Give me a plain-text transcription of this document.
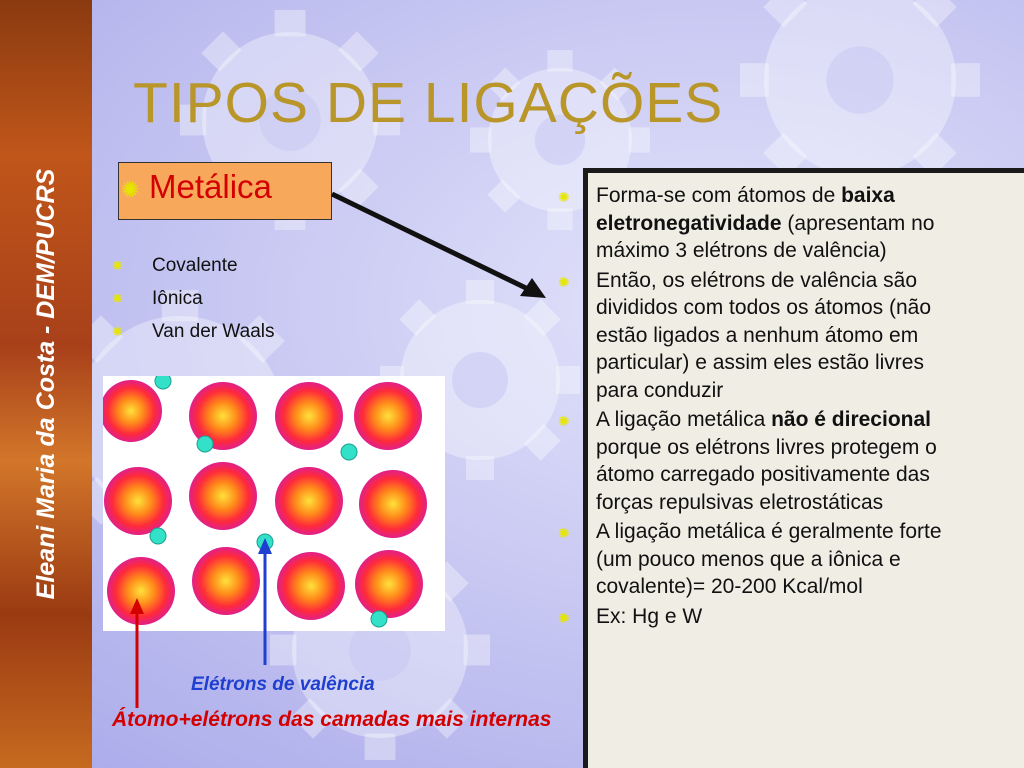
Eleani Maria da Costa - DEM/PUCRS
TIPOS DE LIGAÇÕES
✺ Metálica
✺ Covalente
✺ Iônica
✺ Van der Waals
Elétrons de valência
Átomo+elétrons das camadas mais internas
✺ Forma-se com átomos de baixa eletronegatividade (apresentam no máximo 3 elétrons de valência)
✺ Então, os elétrons de valência são divididos com todos os átomos (não estão ligados a nenhum átomo em particular) e assim eles estão livres para conduzir
✺ A ligação metálica não é direcional porque os elétrons livres protegem o átomo carregado positivamente das forças repulsivas eletrostáticas
✺ A ligação metálica é geralmente forte (um pouco menos que a iônica e covalente)= 20-200 Kcal/mol
✺ Ex: Hg e W
